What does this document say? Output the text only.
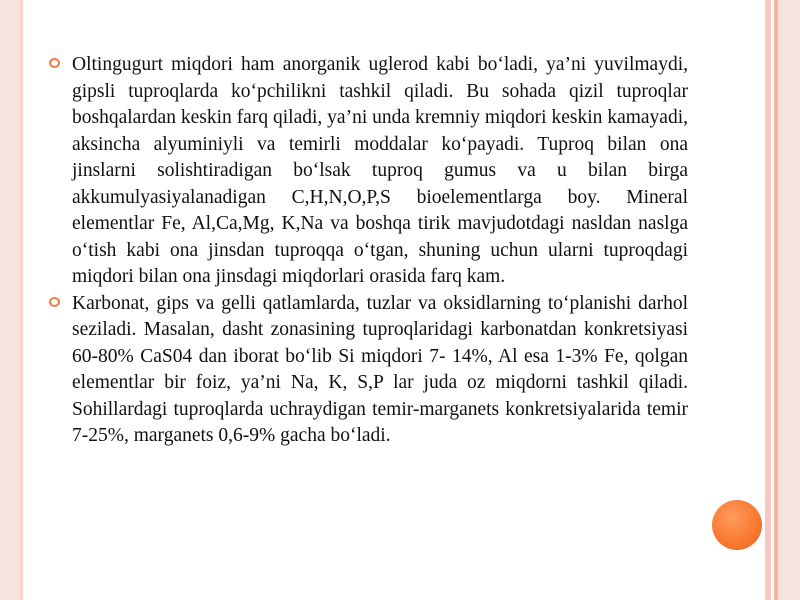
Oltingugurt miqdori ham anorganik uglerod kabi bo‘ladi, ya’ni yuvilmaydi, gipsli tuproqlarda ko‘pchilikni tashkil qiladi. Bu sohada qizil tuproqlar boshqalardan keskin farq qiladi, ya’ni unda kremniy miqdori keskin kamayadi, aksincha alyuminiyli va temirli moddalar ko‘payadi. Tuproq bilan ona jinslarni solishtiradigan bo‘lsak tuproq gumus va u bilan birga akkumulyasiyalanadigan C,H,N,O,P,S bioelementlarga boy. Mineral elementlar Fe, Al,Ca,Mg, K,Na va boshqa tirik mavjudotdagi nasldan naslga o‘tish kabi ona jinsdan tuproqqa o‘tgan, shuning uchun ularni tuproqdagi miqdori bilan ona jinsdagi miqdorlari orasida farq kam.
Karbonat, gips va gelli qatlamlarda, tuzlar va oksidlarning to‘planishi darhol seziladi. Masalan, dasht zonasining tuproqlaridagi karbonatdan konkretsiyasi 60-80% CaS04 dan iborat bo‘lib Si miqdori 7- 14%, Al esa 1-3% Fe, qolgan elementlar bir foiz, ya’ni Na, K, S,P lar juda oz miqdorni tashkil qiladi. Sohillardagi tuproqlarda uchraydigan temir-marganets konkretsiyalarida temir 7-25%, marganets 0,6-9% gacha bo‘ladi.
